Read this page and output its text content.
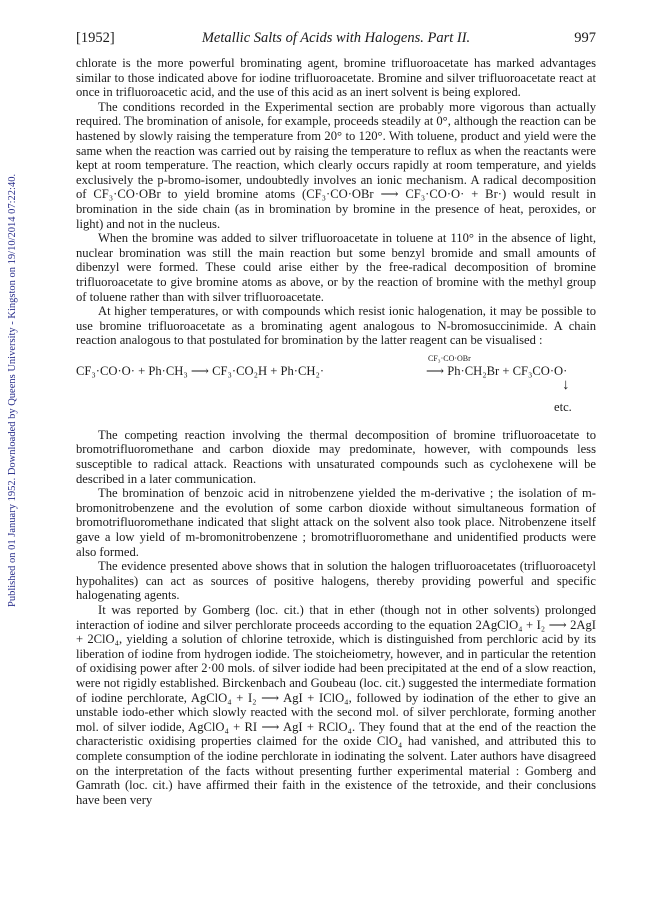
Published on 01 January 1952. Downloaded by Queens University - Kingston on 19/10/2014 07:22:40.
[1952]	Metallic Salts of Acids with Halogens. Part II.	997

chlorate is the more powerful brominating agent, bromine trifluoroacetate has marked advantages similar to those indicated above for iodine trifluoroacetate. Bromine and silver trifluoroacetate react at once in trifluoroacetic acid, and the use of this acid as an inert solvent is being explored.

The conditions recorded in the Experimental section are probably more vigorous than actually required. The bromination of anisole, for example, proceeds steadily at 0°, although the reaction can be hastened by slowly raising the temperature from 20° to 120°. With toluene, product and yield were the same when the reaction was carried out by raising the temperature to reflux as when the reactants were kept at room temperature. The reaction, which clearly occurs rapidly at room temperature, and yields exclusively the p-bromo-isomer, undoubtedly involves an ionic mechanism. A radical decomposition of CF₃·CO·OBr to yield bromine atoms (CF₃·CO·OBr ⟶ CF₃·CO·O· + Br·) would result in bromination in the side chain (as in bromination by bromine in the presence of heat, peroxides, or light) and not in the nucleus.

When the bromine was added to silver trifluoroacetate in toluene at 110° in the absence of light, nuclear bromination was still the main reaction but some benzyl bromide and small amounts of dibenzyl were formed. These could arise either by the free-radical decomposition of bromine trifluoroacetate to give bromine atoms as above, or by the reaction of bromine with the methyl group of toluene rather than with silver trifluoroacetate.

At higher temperatures, or with compounds which resist ionic halogenation, it may be possible to use bromine trifluoroacetate as a brominating agent analogous to N-bromosuccinimide. A chain reaction analogous to that postulated for bromination by the latter reagent can be visualised :

CF₃·CO·O· + Ph·CH₃ ⟶ CF₃·CO₂H + Ph·CH₂·
CF₃·CO·OBr
⟶ Ph·CH₂Br + CF₃CO·O·
↓
etc.

The competing reaction involving the thermal decomposition of bromine trifluoroacetate to bromotrifluoromethane and carbon dioxide may predominate, however, with compounds less susceptible to radical attack. Reactions with unsaturated compounds such as cyclohexene will be described in a later communication.

The bromination of benzoic acid in nitrobenzene yielded the m-derivative ; the isolation of m-bromonitrobenzene and the evolution of some carbon dioxide without simultaneous formation of bromotrifluoromethane indicated that slight attack on the solvent also took place. Nitrobenzene itself gave a low yield of m-bromonitrobenzene ; bromotrifluoromethane and unidentified products were also formed.

The evidence presented above shows that in solution the halogen trifluoroacetates (trifluoroacetyl hypohalites) can act as sources of positive halogens, thereby providing powerful and specific halogenating agents.

It was reported by Gomberg (loc. cit.) that in ether (though not in other solvents) prolonged interaction of iodine and silver perchlorate proceeds according to the equation 2AgClO₄ + I₂ ⟶ 2AgI + 2ClO₄, yielding a solution of chlorine tetroxide, which is distinguished from perchloric acid by its liberation of iodine from hydrogen iodide. The stoicheiometry, however, and in particular the retention of oxidising power after 2·00 mols. of silver iodide had been precipitated at the end of a slow reaction, were not rigidly established. Birckenbach and Goubeau (loc. cit.) suggested the intermediate formation of iodine perchlorate, AgClO₄ + I₂ ⟶ AgI + IClO₄, followed by iodination of the ether to give an unstable iodo-ether which slowly reacted with the second mol. of silver perchlorate, forming another mol. of silver iodide, AgClO₄ + RI ⟶ AgI + RClO₄. They found that at the end of the reaction the characteristic oxidising properties claimed for the oxide ClO₄ had vanished, and attributed this to complete consumption of the iodine perchlorate in iodinating the solvent. Later authors have disagreed on the interpretation of the facts without presenting further experimental material : Gomberg and Gamrath (loc. cit.) have affirmed their faith in the existence of the tetroxide, and their conclusions have been very
